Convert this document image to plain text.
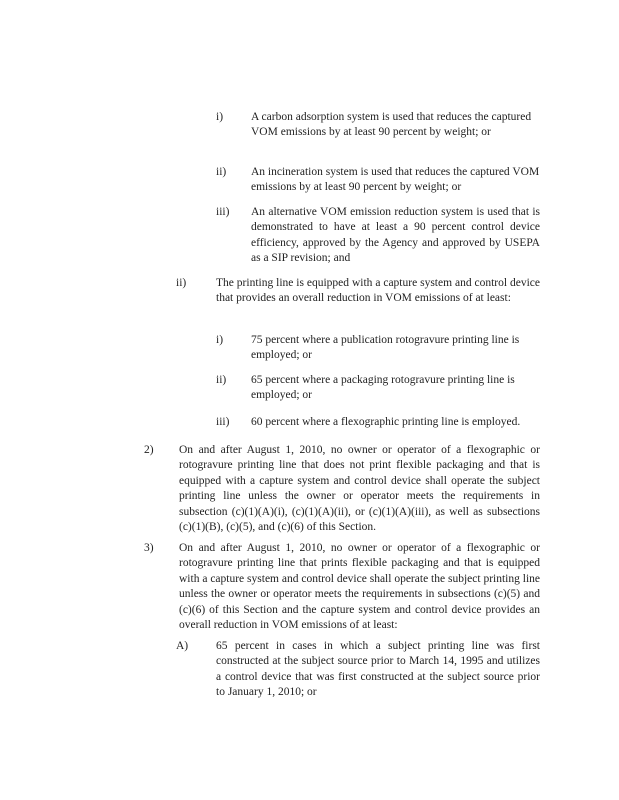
i)	A carbon adsorption system is used that reduces the captured VOM emissions by at least 90 percent by weight; or
ii)	An incineration system is used that reduces the captured VOM emissions by at least 90 percent by weight; or
iii)	An alternative VOM emission reduction system is used that is demonstrated to have at least a 90 percent control device efficiency, approved by the Agency and approved by USEPA as a SIP revision; and
ii)	The printing line is equipped with a capture system and control device that provides an overall reduction in VOM emissions of at least:
i)	75 percent where a publication rotogravure printing line is employed; or
ii)	65 percent where a packaging rotogravure printing line is employed; or
iii)	60 percent where a flexographic printing line is employed.
2)	On and after August 1, 2010, no owner or operator of a flexographic or rotogravure printing line that does not print flexible packaging and that is equipped with a capture system and control device shall operate the subject printing line unless the owner or operator meets the requirements in subsection (c)(1)(A)(i), (c)(1)(A)(ii), or (c)(1)(A)(iii), as well as subsections (c)(1)(B), (c)(5), and (c)(6) of this Section.
3)	On and after August 1, 2010, no owner or operator of a flexographic or rotogravure printing line that prints flexible packaging and that is equipped with a capture system and control device shall operate the subject printing line unless the owner or operator meets the requirements in subsections (c)(5) and (c)(6) of this Section and the capture system and control device provides an overall reduction in VOM emissions of at least:
A)	65 percent in cases in which a subject printing line was first constructed at the subject source prior to March 14, 1995 and utilizes a control device that was first constructed at the subject source prior to January 1, 2010; or
